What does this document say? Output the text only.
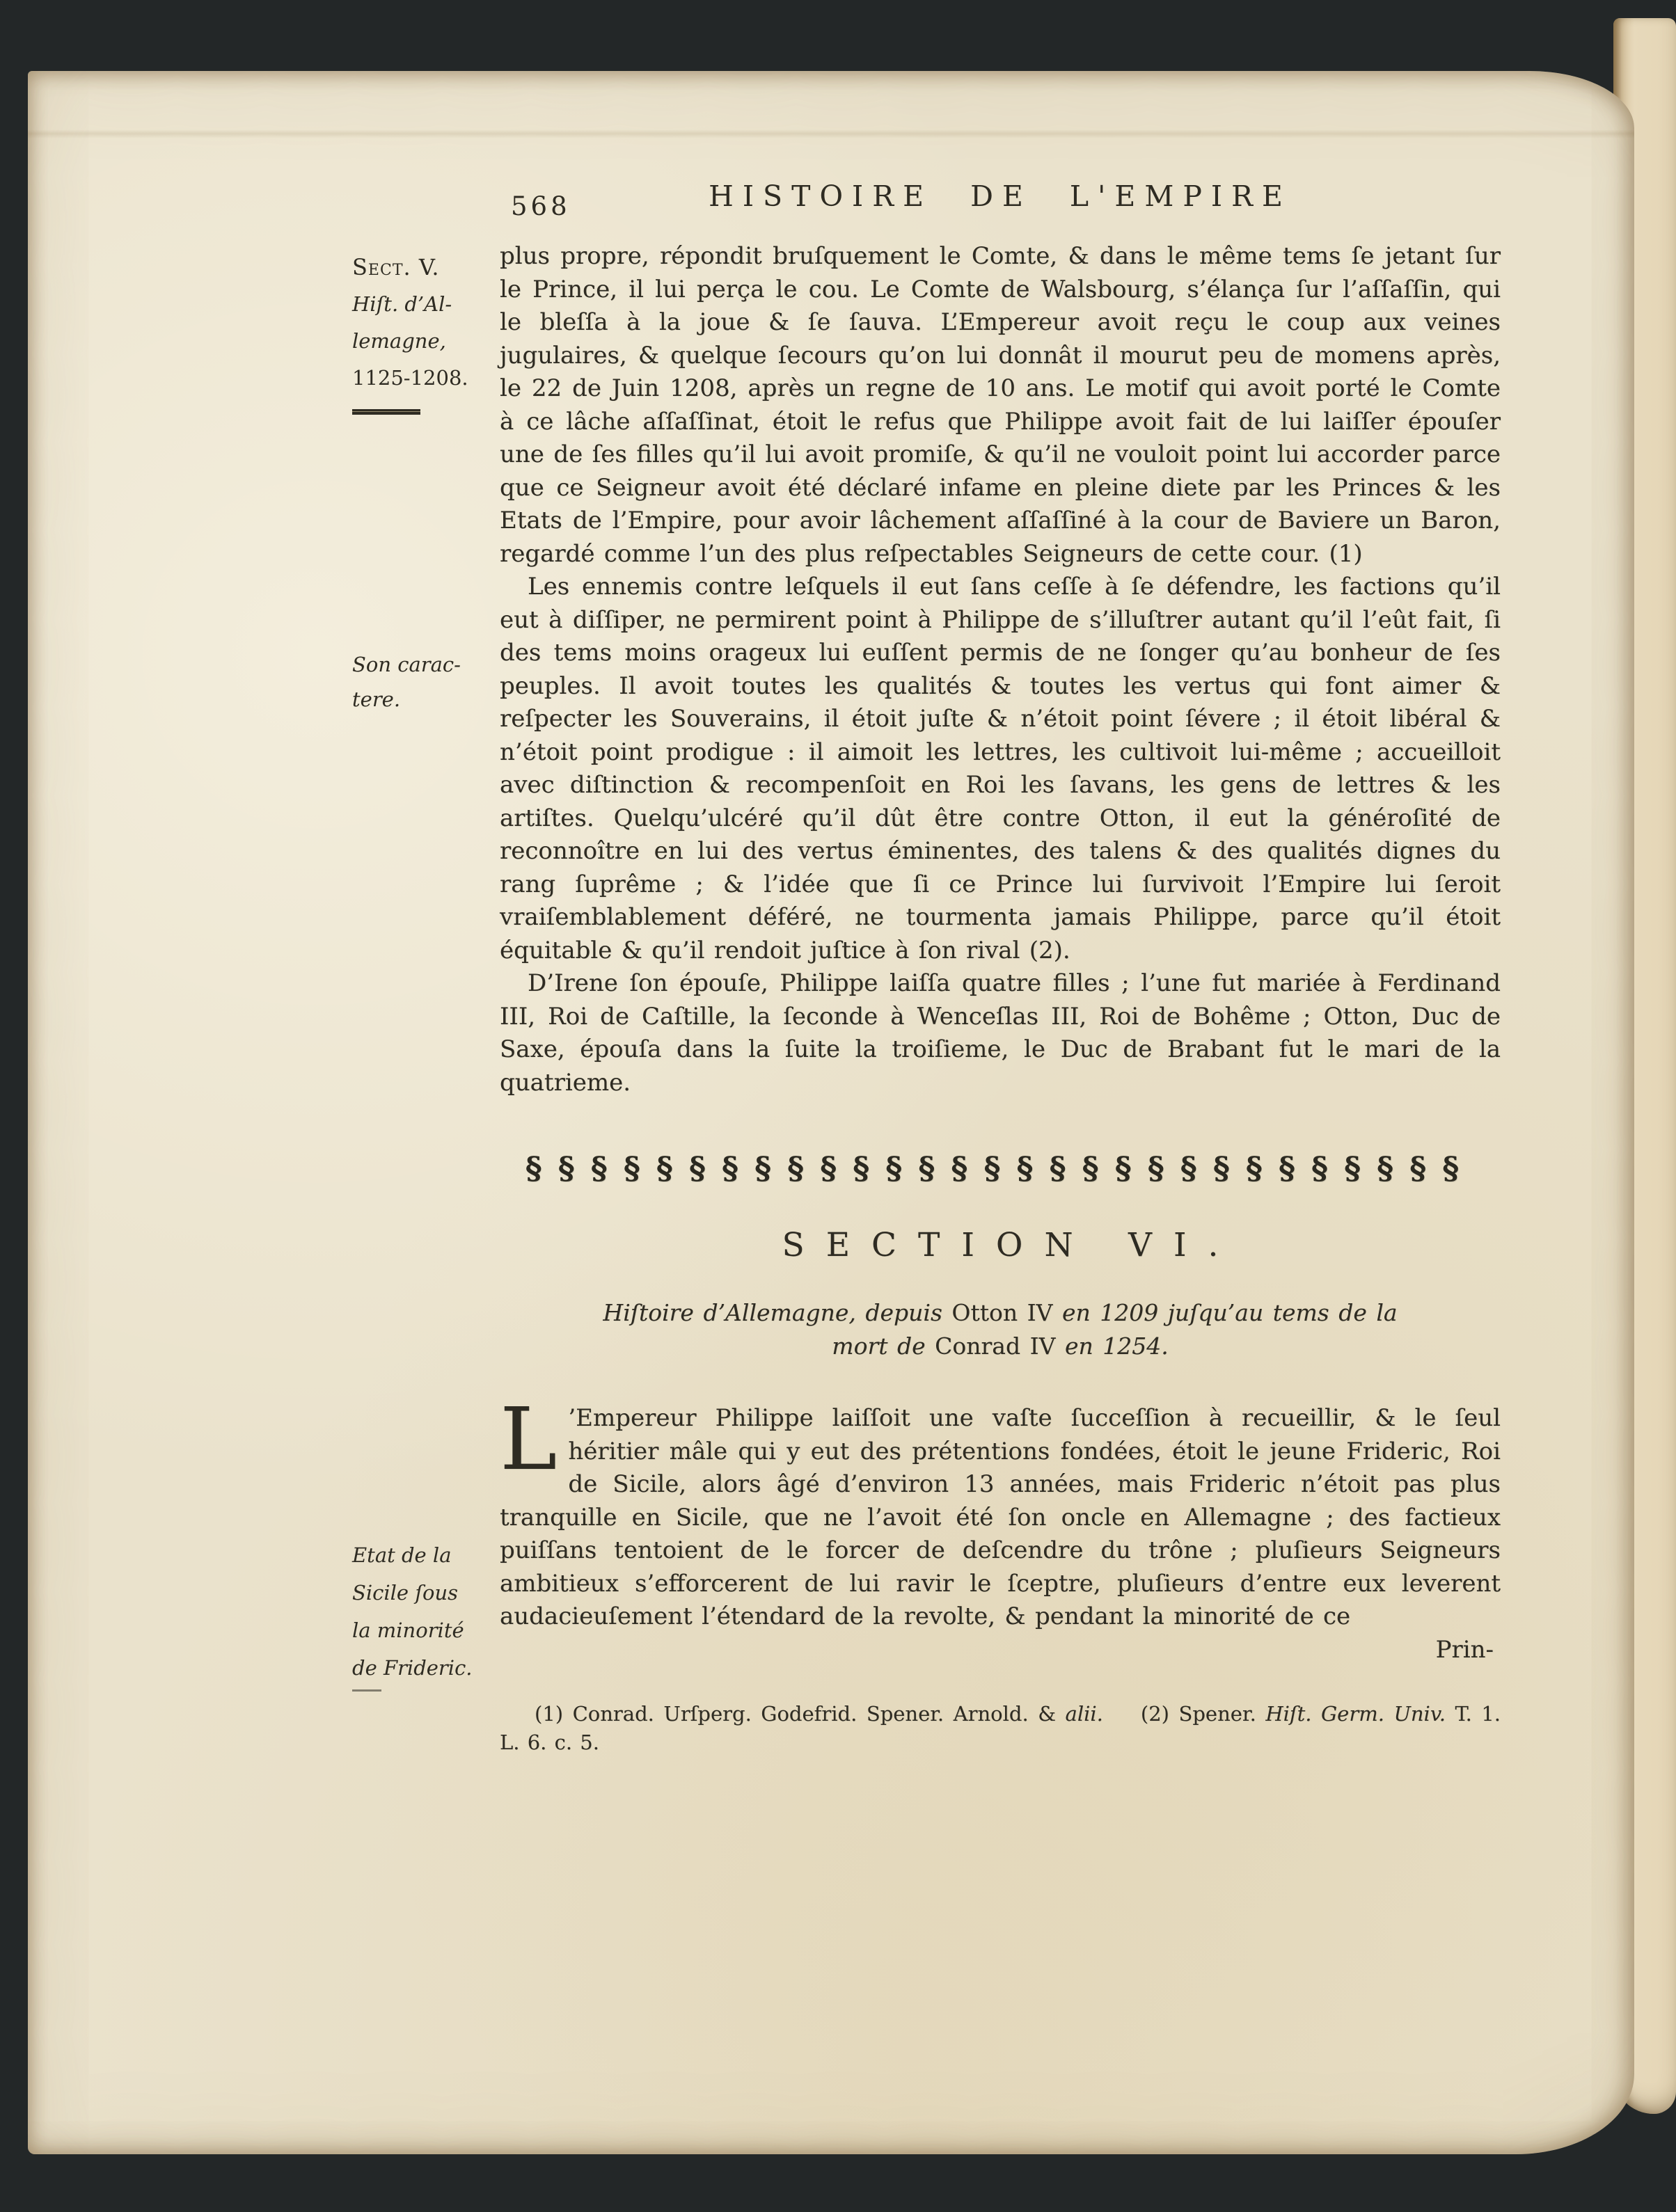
568	HISTOIRE DE L'EMPIRE
Sect. V.
Hiſt. d’Al-
lemagne,
1125-1208.
Son carac-
tere.
Etat de la
Sicile ſous
la minorité
de Frideric.

plus propre, répondit bruſquement le Comte, & dans le même tems ſe jetant ſur le Prince, il lui perça le cou. Le Comte de Walsbourg, s’élança ſur l’aſſaſſin, qui le bleſſa à la joue & ſe ſauva. L’Empereur avoit reçu le coup aux veines jugulaires, & quelque ſecours qu’on lui donnât il mourut peu de momens après, le 22 de Juin 1208, après un regne de 10 ans. Le motif qui avoit porté le Comte à ce lâche aſſaſſinat, étoit le refus que Philippe avoit fait de lui laiſſer épouſer une de ſes filles qu’il lui avoit promiſe, & qu’il ne vouloit point lui accorder parce que ce Seigneur avoit été déclaré infame en pleine diete par les Princes & les Etats de l’Empire, pour avoir lâchement aſſaſſiné à la cour de Baviere un Baron, regardé comme l’un des plus reſpectables Seigneurs de cette cour. (1)

Les ennemis contre leſquels il eut ſans ceſſe à ſe défendre, les factions qu’il eut à diſſiper, ne permirent point à Philippe de s’illuſtrer autant qu’il l’eût fait, ſi des tems moins orageux lui euſſent permis de ne ſonger qu’au bonheur de ſes peuples. Il avoit toutes les qualités & toutes les vertus qui font aimer & reſpecter les Souverains, il étoit juſte & n’étoit point ſévere ; il étoit libéral & n’étoit point prodigue : il aimoit les lettres, les cultivoit lui-même ; accueilloit avec diſtinction & recompenſoit en Roi les ſavans, les gens de lettres & les artiſtes. Quelqu’ulcéré qu’il dût être contre Otton, il eut la généroſité de reconnoître en lui des vertus éminentes, des talens & des qualités dignes du rang ſuprême ; & l’idée que ſi ce Prince lui ſurvivoit l’Empire lui ſeroit vraiſemblablement déféré, ne tourmenta jamais Philippe, parce qu’il étoit équitable & qu’il rendoit juſtice à ſon rival (2).

D’Irene ſon épouſe, Philippe laiſſa quatre filles ; l’une fut mariée à Ferdinand III, Roi de Caſtille, la ſeconde à Wenceſlas III, Roi de Bohême ; Otton, Duc de Saxe, épouſa dans la ſuite la troiſieme, le Duc de Brabant fut le mari de la quatrieme.

§§§§§§§§§§§§§§§§§§§§§§§§§§§§§
SECTION VI.
Hiſtoire d’Allemagne, depuis Otton IV en 1209 juſqu’au tems de la mort de Conrad IV en 1254.

L ’Empereur Philippe laiſſoit une vaſte ſucceſſion à recueillir, & le ſeul héritier mâle qui y eut des prétentions fondées, étoit le jeune Frideric, Roi de Sicile, alors âgé d’environ 13 années, mais Frideric n’étoit pas plus tranquille en Sicile, que ne l’avoit été ſon oncle en Allemagne ; des factieux puiſſans tentoient de le forcer de deſcendre du trône ; pluſieurs Seigneurs ambitieux s’efforcerent de lui ravir le ſceptre, pluſieurs d’entre eux leverent audacieuſement l’étendard de la revolte, & pendant la minorité de ce

Prin-
(1) Conrad. Urſperg. Godefrid. Spener. Arnold. & alii. (2) Spener. Hiſt. Germ. Univ. T. 1. L. 6. c. 5.
